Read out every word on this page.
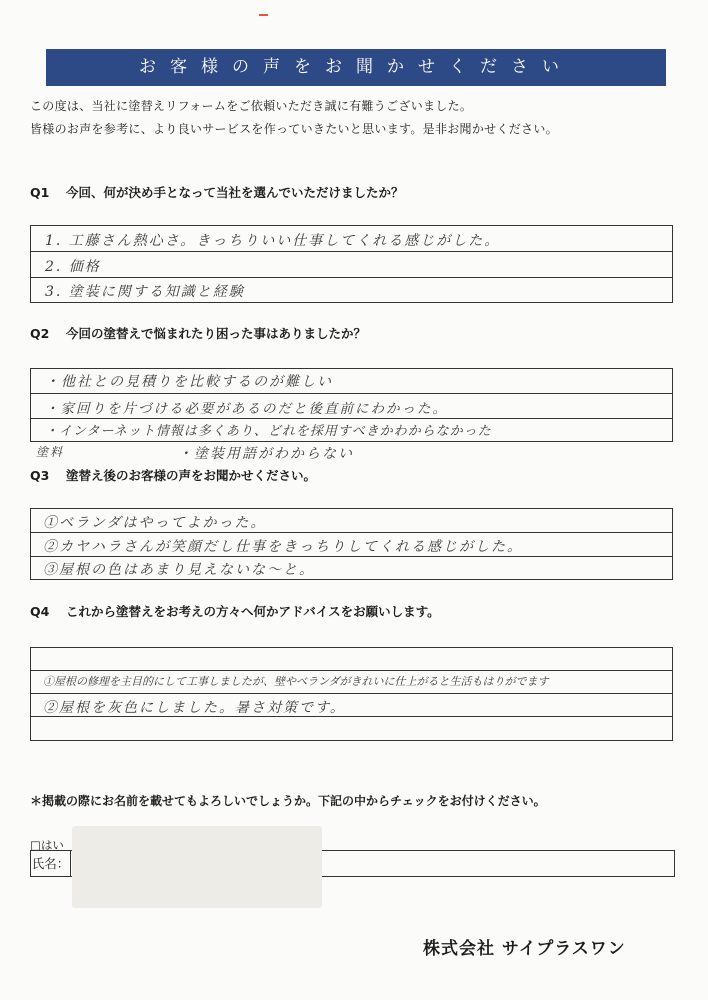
お客様の声をお聞かせください
この度は、当社に塗替えリフォームをご依頼いただき誠に有難うございました。
皆様のお声を参考に、より良いサービスを作っていきたいと思います。是非お聞かせください。
Q1 今回、何が決め手となって当社を選んでいただけましたか？
1. 工藤さん熱心さ。きっちりいい仕事してくれる感じがした。
2. 価格
3. 塗装に関する知識と経験
Q2 今回の塗替えで悩まれたり困った事はありましたか？
・他社との見積りを比較するのが難しい
・家回りを片づける必要があるのだと後直前にわかった。
・インターネット情報は多くあり、どれを採用すべきかわからなかった
塗料	・塗装用語がわからない
Q3 塗替え後のお客様の声をお聞かせください。
①ベランダはやってよかった。
②カヤハラさんが笑顔だし仕事をきっちりしてくれる感じがした。
③屋根の色はあまり見えないな〜と。
Q4 これから塗替えをお考えの方々へ何かアドバイスをお願いします。
①屋根の修理を主目的にして工事しましたが、壁やベランダがきれいに仕上がると生活もはりがでます
②屋根を灰色にしました。暑さ対策です。
＊掲載の際にお名前を載せてもよろしいでしょうか。下記の中からチェックをお付けください。
□はい
氏名：
株式会社 サイプラスワン
